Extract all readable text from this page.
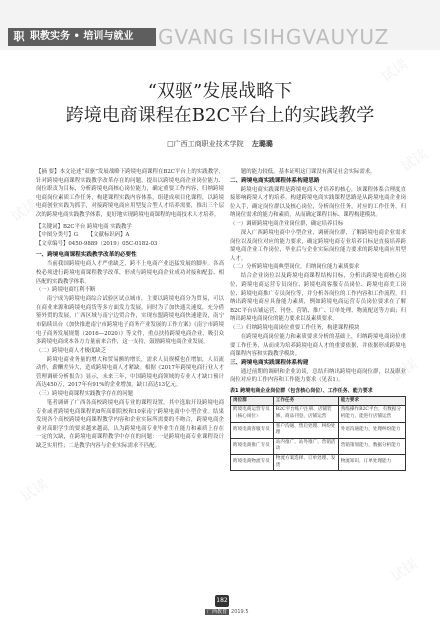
试读
试读
试读
试读
试读
试读
职 职教实务 • 培训与就业 GVANG ISIHGVAUYUZ
“双驱”发展战略下
跨境电商课程在B2C平台上的实践教学
□广西工商职业技术学院 左璐璐

【摘 要】本文论述“双驱”发展战略下跨境电商课程在B2C平台上的实践教学，针对跨境电商课程实践教学改革存在的问题，提出以跨境电商企业岗位能力、岗位职责为目标，分析跨境电商核心岗位能力，确定重要工作内容，归纳跨境电商岗位素质工作任务，构建课程实践内容体系，组建成项目化课程，以跨境电商创业实践为抓手，对接跨境电商应用型复合型人才培养需要，推出三个层次的跨境电商实践教学体系，更好地实现跨境电商课程的电商技术人才培养。

【关键词】B2C平台 跨境电商 实践教学
【中图分类号】G 【文献标识码】A
【文章编号】0450-9889（2019）05C-0182-03
一、跨境电商课程实践教学改革的必要性

当前我国跨境电商人才严重缺乏，跨不上电商产业迅猛发展的脚步。各高校必须进行跨境电商课程教学改革，形成与跨境电商企业成功对接和配套、相匹配的实践教学体系。

（一）跨境电商红利不断

南宁成为跨境电商综合试验区试点城市，主要以跨境电商分为贸易，可以在商业来源和跨境电商货等多方面发力发展，同时为了加快通关速度，充分借鉴外贸的发展，广西区域与南宁边贸合作，实现东盟跨境电商快速建设，南宁市陆续出台《加快推进南宁市跨境电子商务产业发展的工作方案》《南宁市跨境电子商务发展规划（2016—2020）》等文件，重点扶持跨境电商企业，吸引众多跨境电商成本各方力量前来合作，这一支持，鼓励跨境电商企业发展。

（二）跨境电商人才极度缺乏

跨境电商业务量的增大和贸易额的增长，需求人员规模也在增加，人员流动作，薪酬差异大，造成跨境电商人才紧缺。根据《2017年跨境电商行业人才管理调研分析报告》显示，未来三年，中国跨境电商领域的专业人才缺口预计高达450万，2017年有91%的企业增加，缺口高达13亿元。

（三）跨境电商课程实践教学存在的问题

笔者调研了广西各高校跨境电商专业的课程设置，其中选取开设跨境电商专业或者跨境电商课程的8所高职院校和10家南宁跨境电商中小型企业。结果发现各个高校跨境电商课程教学内容和企业实际所需要的不吻合，跨境电商企业对高职学生的要求越来越高，认为跨境电商专业毕业生在能力和素质上存在一定的欠缺，在跨境电商课程教学中存在的问题：一是跨境电商专业课程设计缺乏实用性；二是教学内容与企业实际需求不匹配。

题的能力较低，基本证明这门课没有满足社会实际需求。

二、跨境电商实践课程体系构建思路

跨境电商实践课程是跨境电商人才培养的核心，该课程体系合理度直接影响跨境人才的培养。构建跨境电商实践课程思路是从跨境电商企业岗位入手，确定岗位群以及核心岗位，分析岗位任务，对应的工作任务，归纳岗位需求的能力和素质，从而确定课程目标、课程构建模块。

（一）调研跨境电商企业岗位群，确定培养目标

深入广西跨境电商中小型企业，调研岗位群，了解跨境电商企业需求岗位以及岗位对应的能力要求，确定跨境电商专业培养目标是直接培养跨境电商企业工作岗位，毕业后与企业实际岗位能力要求的跨境电商应用型人才。

（二）分析跨境电商典型岗位，归纳岗位能力素质要求

结合企业岗位以及跨境电商课程结构目标，分析出跨境电商核心岗位，跨境电商运营专员岗位、跨境电商客服专员岗位、跨境电商美工岗位、跨境电商推广专员岗位等，并分析各岗位的工作内容和工作流程，归纳出跨境电商应具备能力素质，例如跨境电商运营专员岗位要求在了解B2C平台店铺运营、刊登、营销、推广、订单处理、物流配送等方面；归纳出跨境电商岗位的能力要求以及素质要求。

（三）归纳跨境电商岗位重要工作任务，构建课程模块

在跨境电商岗位能力和素质要求分析的基础上，归纳跨境电商岗位重要工作任务，从而成为培养跨境电商人才的重要依据，并依据形成跨境电商课程内容和实践教学模块。

三、跨境电商实践课程体系构建

通过前期的调研和企业访谈，总结归纳出跨境电商岗位群，以及职业岗位对应的工作内容和工作能力要求（见表1）。

表1 跨境电商企业岗位群（包含核心岗位）、工作任务、能力要求
岗位群	工作任务	能力要求
跨境电商运营专员（核心岗位）	B2C平台账户注册、店铺装修、商品刊登、店铺运营	熟练操作B2C平台，有数据分析能力，能进行店铺运营
跨境电商客服专员	客户沟通、售后处理、纠纷处理	外语沟通能力，处理纠纷能力
跨境电商推广专员	站内推广、站外推广、营销活动	营销策划能力，数据分析能力
跨境电商物流专员	物流方案选择、订单处理、发货	物流知识，订单处理能力
182
广西教育 2019.5
